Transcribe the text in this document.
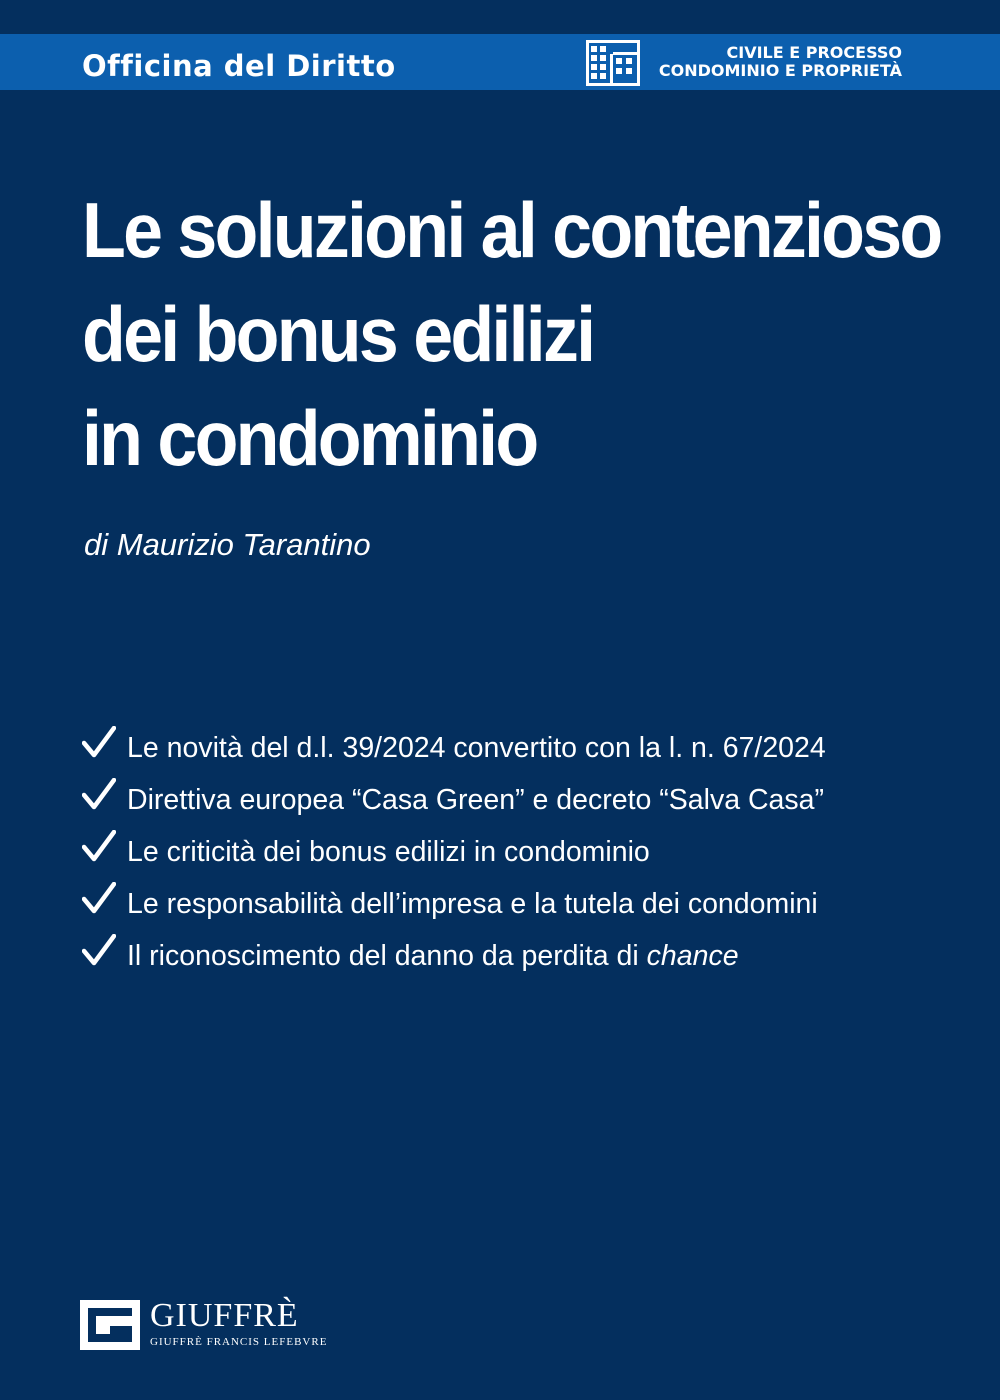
Officina del Diritto	CIVILE E PROCESSO
CONDOMINIO E PROPRIETÀ
Le soluzioni al contenzioso
dei bonus edilizi
in condominio
di Maurizio Tarantino
Le novità del d.l. 39/2024 convertito con la l. n. 67/2024
Direttiva europea “Casa Green” e decreto “Salva Casa”
Le criticità dei bonus edilizi in condominio
Le responsabilità dell’impresa e la tutela dei condomini
Il riconoscimento del danno da perdita di chance
GIUFFRÈ
GIUFFRÈ FRANCIS LEFEBVRE
